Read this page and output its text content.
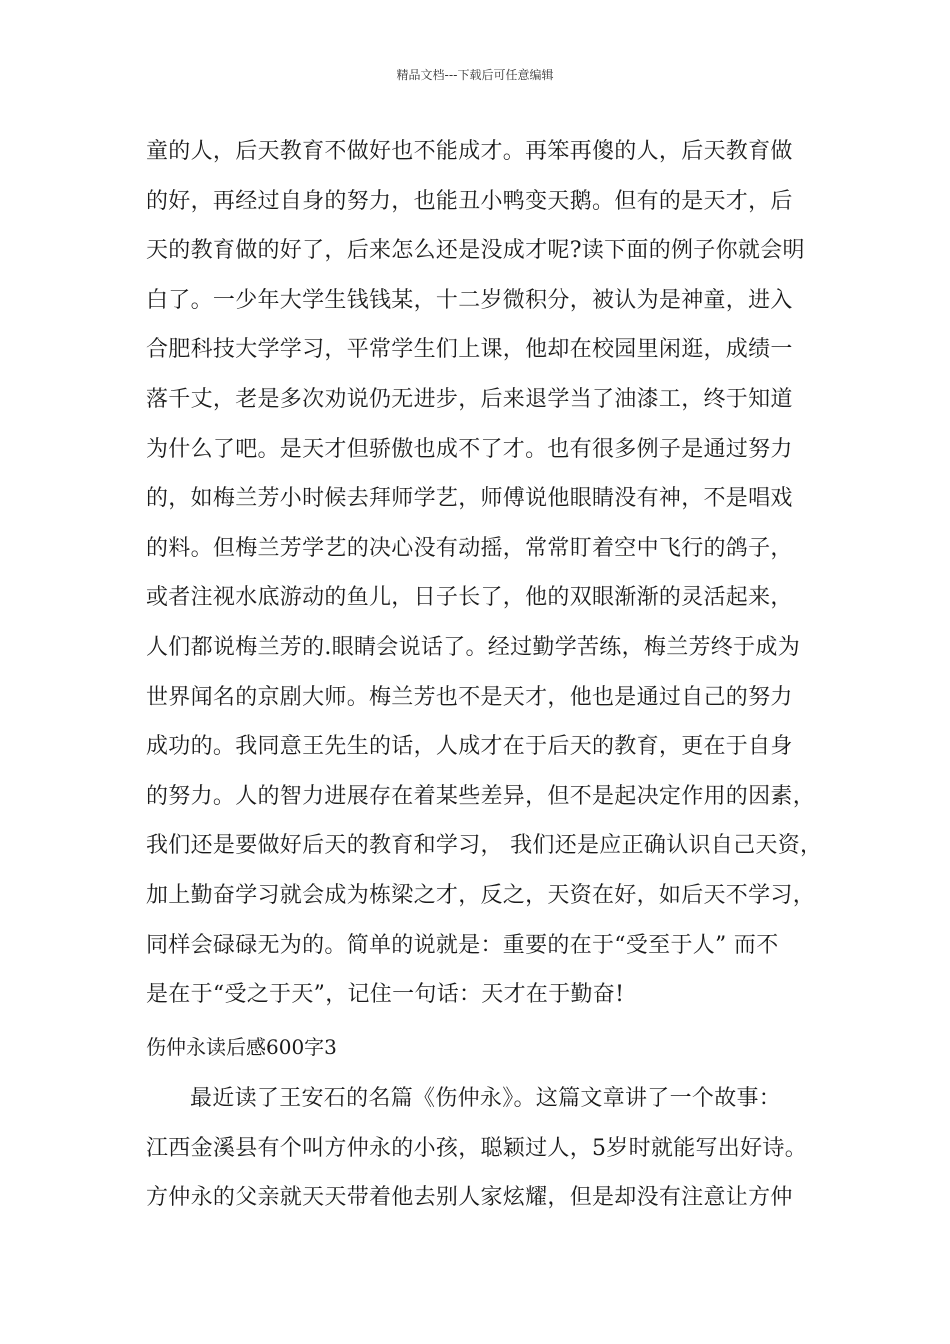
精品文档---下载后可任意编辑
童的人，后天教育不做好也不能成才。再笨再傻的人，后天教育做
的好，再经过自身的努力，也能丑小鸭变天鹅。但有的是天才，后
天的教育做的好了，后来怎么还是没成才呢?读下面的例子你就会明
白了。一少年大学生钱钱某，十二岁微积分，被认为是神童，进入
合肥科技大学学习，平常学生们上课，他却在校园里闲逛，成绩一
落千丈，老是多次劝说仍无进步，后来退学当了油漆工，终于知道
为什么了吧。是天才但骄傲也成不了才。也有很多例子是通过努力
的，如梅兰芳小时候去拜师学艺，师傅说他眼睛没有神，不是唱戏
的料。但梅兰芳学艺的决心没有动摇，常常盯着空中飞行的鸽子，
或者注视水底游动的鱼儿，日子长了，他的双眼渐渐的灵活起来，
人们都说梅兰芳的.眼睛会说话了。经过勤学苦练，梅兰芳终于成为
世界闻名的京剧大师。梅兰芳也不是天才，他也是通过自己的努力
成功的。我同意王先生的话，人成才在于后天的教育，更在于自身
的努力。人的智力进展存在着某些差异，但不是起决定作用的因素，
我们还是要做好后天的教育和学习， 我们还是应正确认识自己天资，
加上勤奋学习就会成为栋梁之才，反之，天资在好，如后天不学习，
同样会碌碌无为的。简单的说就是：重要的在于“受至于人” 而不
是在于“受之于天”，记住一句话：天才在于勤奋!
伤仲永读后感600字3
最近读了王安石的名篇《伤仲永》。这篇文章讲了一个故事：
江西金溪县有个叫方仲永的小孩，聪颖过人，5岁时就能写出好诗。
方仲永的父亲就天天带着他去别人家炫耀，但是却没有注意让方仲
